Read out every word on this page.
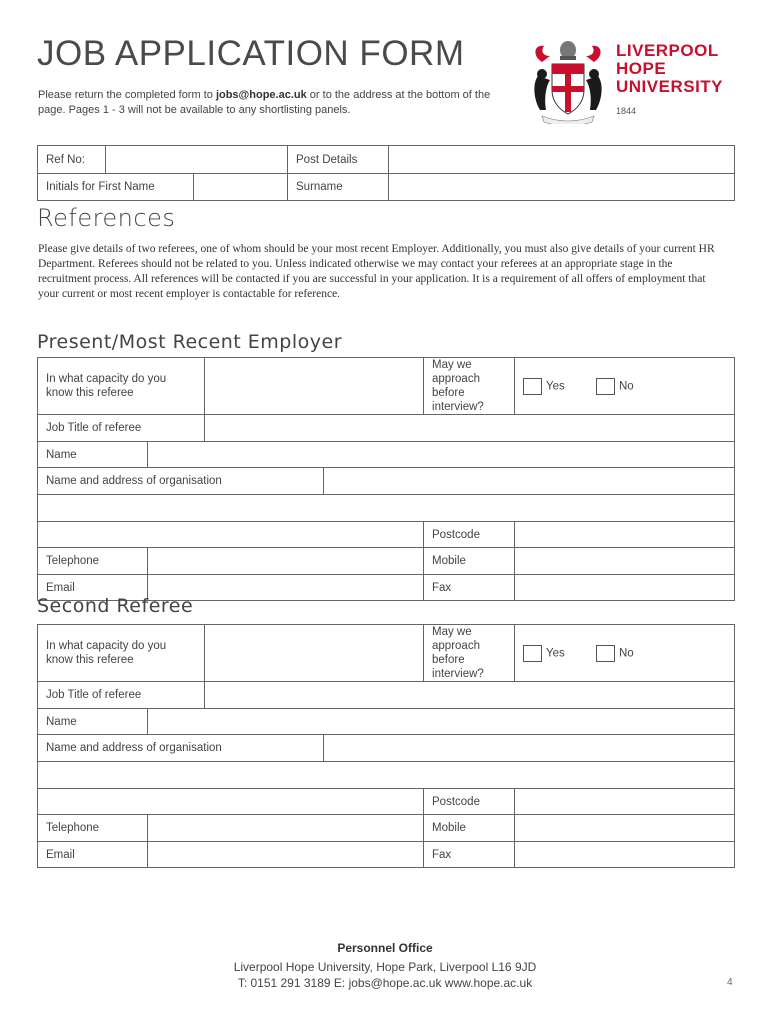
JOB APPLICATION FORM
Please return the completed form to jobs@hope.ac.uk or to the address at the bottom of the page. Pages 1 - 3 will not be available to any shortlisting panels.
LIVERPOOL
HOPE
UNIVERSITY
1844
Ref No:			Post Details	
Initials for First Name			Surname	
References
Please give details of two referees, one of whom should be your most recent Employer. Additionally, you must also give details of your current HR Department. Referees should not be related to you. Unless indicated otherwise we may contact your referees at an appropriate stage in the recruitment process. All references will be contacted if you are successful in your application. It is a requirement of all offers of employment that your current or most recent employer is contactable for reference.
Present/Most Recent Employer
In what capacity do you know this referee				May we approach before interview?	Yes No
Job Title of referee					
Name					
Name and address of organisation					

				Postcode	
Telephone				Mobile	
Email				Fax	
Second Referee
In what capacity do you know this referee				May we approach before interview?	Yes No
Job Title of referee					
Name					
Name and address of organisation					

				Postcode	
Telephone				Mobile	
Email				Fax	
Personnel Office
Liverpool Hope University, Hope Park, Liverpool L16 9JD
T: 0151 291 3189 E: jobs@hope.ac.uk www.hope.ac.uk	4
